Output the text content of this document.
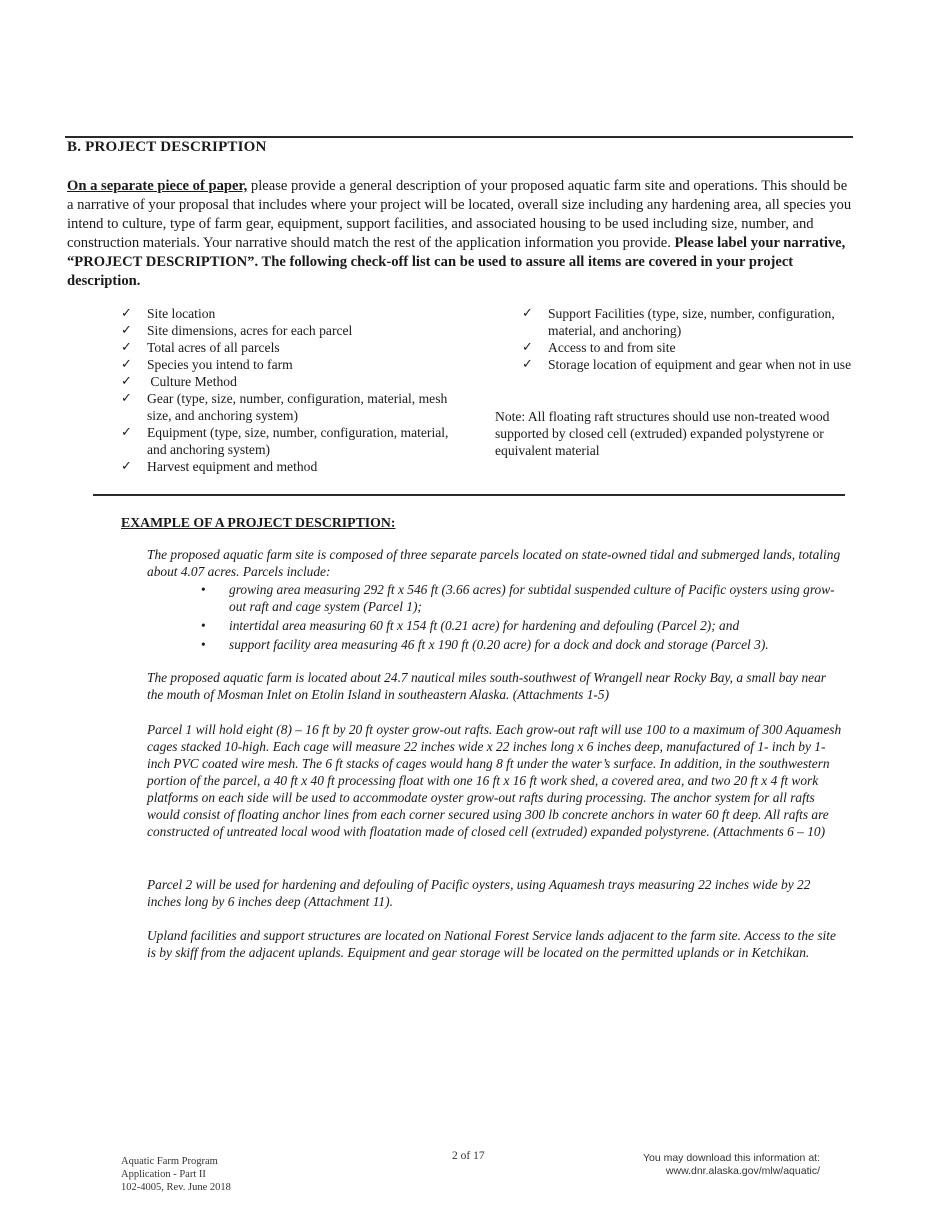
B. PROJECT DESCRIPTION
On a separate piece of paper, please provide a general description of your proposed aquatic farm site and operations. This should be a narrative of your proposal that includes where your project will be located, overall size including any hardening area, all species you intend to culture, type of farm gear, equipment, support facilities, and associated housing to be used including size, number, and construction materials. Your narrative should match the rest of the application information you provide. Please label your narrative, “PROJECT DESCRIPTION”. The following check-off list can be used to assure all items are covered in your project description.
✓	Site location
✓	Site dimensions, acres for each parcel
✓	Total acres of all parcels
✓	Species you intend to farm
✓	Culture Method
✓	Gear (type, size, number, configuration, material, mesh size, and anchoring system)
✓	Equipment (type, size, number, configuration, material, and anchoring system)
✓	Harvest equipment and method
✓	Support Facilities (type, size, number, configuration, material, and anchoring)
✓	Access to and from site
✓	Storage location of equipment and gear when not in use
Note: All floating raft structures should use non-treated wood supported by closed cell (extruded) expanded polystyrene or equivalent material
EXAMPLE OF A PROJECT DESCRIPTION:
The proposed aquatic farm site is composed of three separate parcels located on state-owned tidal and submerged lands, totaling about 4.07 acres. Parcels include:
• growing area measuring 292 ft x 546 ft (3.66 acres) for subtidal suspended culture of Pacific oysters using grow-out raft and cage system (Parcel 1);
• intertidal area measuring 60 ft x 154 ft (0.21 acre) for hardening and defouling (Parcel 2); and
• support facility area measuring 46 ft x 190 ft (0.20 acre) for a dock and dock and storage (Parcel 3).
The proposed aquatic farm is located about 24.7 nautical miles south-southwest of Wrangell near Rocky Bay, a small bay near the mouth of Mosman Inlet on Etolin Island in southeastern Alaska. (Attachments 1-5)
Parcel 1 will hold eight (8) – 16 ft by 20 ft oyster grow-out rafts. Each grow-out raft will use 100 to a maximum of 300 Aquamesh cages stacked 10-high. Each cage will measure 22 inches wide x 22 inches long x 6 inches deep, manufactured of 1- inch by 1-inch PVC coated wire mesh. The 6 ft stacks of cages would hang 8 ft under the water’s surface. In addition, in the southwestern portion of the parcel, a 40 ft x 40 ft processing float with one 16 ft x 16 ft work shed, a covered area, and two 20 ft x 4 ft work platforms on each side will be used to accommodate oyster grow-out rafts during processing. The anchor system for all rafts would consist of floating anchor lines from each corner secured using 300 lb concrete anchors in water 60 ft deep. All rafts are constructed of untreated local wood with floatation made of closed cell (extruded) expanded polystyrene. (Attachments 6 – 10)
Parcel 2 will be used for hardening and defouling of Pacific oysters, using Aquamesh trays measuring 22 inches wide by 22 inches long by 6 inches deep (Attachment 11).
Upland facilities and support structures are located on National Forest Service lands adjacent to the farm site. Access to the site is by skiff from the adjacent uplands. Equipment and gear storage will be located on the permitted uplands or in Ketchikan.
Aquatic Farm Program
Application - Part II
102-4005, Rev. June 2018
2 of 17	You may download this information at:
www.dnr.alaska.gov/mlw/aquatic/
